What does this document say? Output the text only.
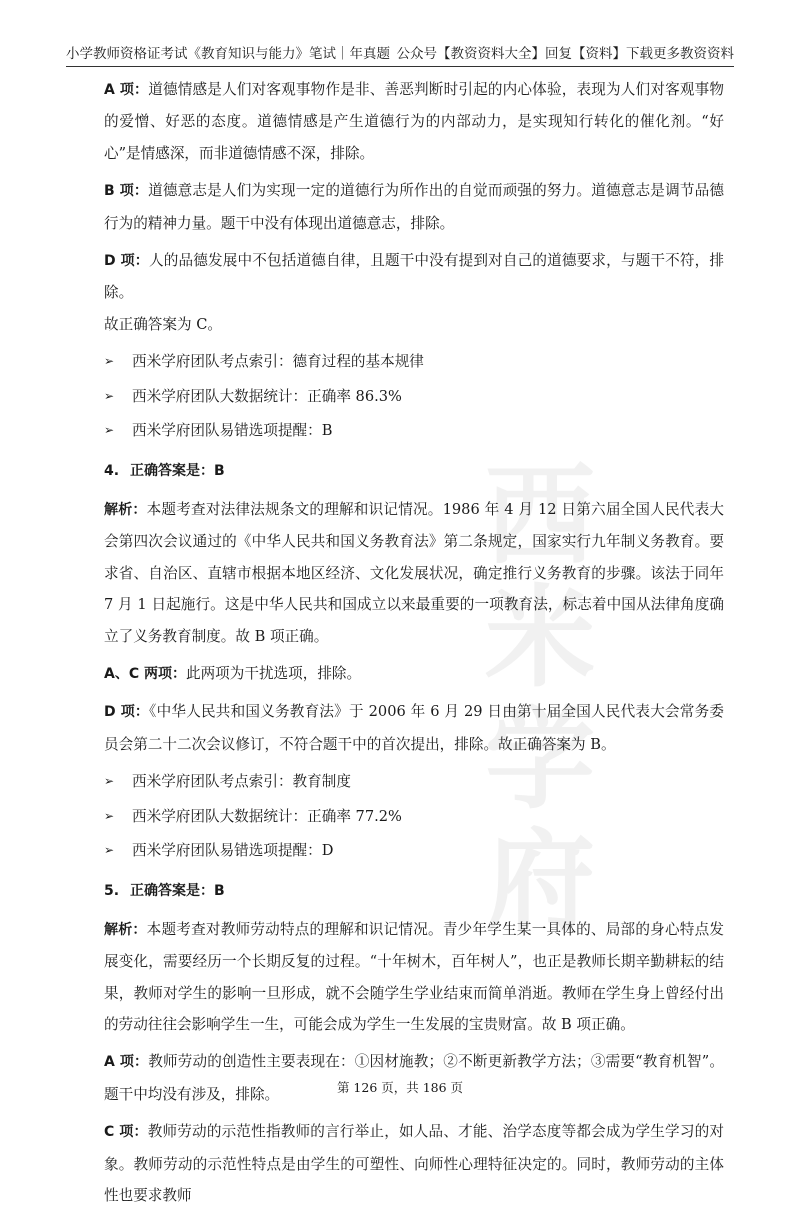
小学教师资格证考试《教育知识与能力》笔试｜年真题 公众号【教资资料大全】回复【资料】下载更多教资资料
西米学府

A 项：道德情感是人们对客观事物作是非、善恶判断时引起的内心体验，表现为人们对客观事物的爱憎、好恶的态度。道德情感是产生道德行为的内部动力，是实现知行转化的催化剂。“好心”是情感深，而非道德情感不深，排除。

B 项：道德意志是人们为实现一定的道德行为所作出的自觉而顽强的努力。道德意志是调节品德行为的精神力量。题干中没有体现出道德意志，排除。

D 项：人的品德发展中不包括道德自律，且题干中没有提到对自己的道德要求，与题干不符，排除。

故正确答案为 C。

➢	西米学府团队考点索引：德育过程的基本规律
➢	西米学府团队大数据统计：正确率 86.3%
➢	西米学府团队易错选项提醒：B
4. 正确答案是：B

解析：本题考查对法律法规条文的理解和识记情况。1986 年 4 月 12 日第六届全国人民代表大会第四次会议通过的《中华人民共和国义务教育法》第二条规定，国家实行九年制义务教育。要求省、自治区、直辖市根据本地区经济、文化发展状况，确定推行义务教育的步骤。该法于同年 7 月 1 日起施行。这是中华人民共和国成立以来最重要的一项教育法，标志着中国从法律角度确立了义务教育制度。故 B 项正确。

A、C 两项：此两项为干扰选项，排除。

D 项：《中华人民共和国义务教育法》于 2006 年 6 月 29 日由第十届全国人民代表大会常务委员会第二十二次会议修订，不符合题干中的首次提出，排除。故正确答案为 B。

➢	西米学府团队考点索引：教育制度
➢	西米学府团队大数据统计：正确率 77.2%
➢	西米学府团队易错选项提醒：D
5. 正确答案是：B

解析：本题考查对教师劳动特点的理解和识记情况。青少年学生某一具体的、局部的身心特点发展变化，需要经历一个长期反复的过程。“十年树木，百年树人”，也正是教师长期辛勤耕耘的结果，教师对学生的影响一旦形成，就不会随学生学业结束而简单消逝。教师在学生身上曾经付出的劳动往往会影响学生一生，可能会成为学生一生发展的宝贵财富。故 B 项正确。

A 项：教师劳动的创造性主要表现在：①因材施教；②不断更新教学方法；③需要“教育机智”。题干中均没有涉及，排除。

C 项：教师劳动的示范性指教师的言行举止，如人品、才能、治学态度等都会成为学生学习的对象。教师劳动的示范性特点是由学生的可塑性、向师性心理特征决定的。同时，教师劳动的主体性也要求教师

第 126 页，共 186 页
